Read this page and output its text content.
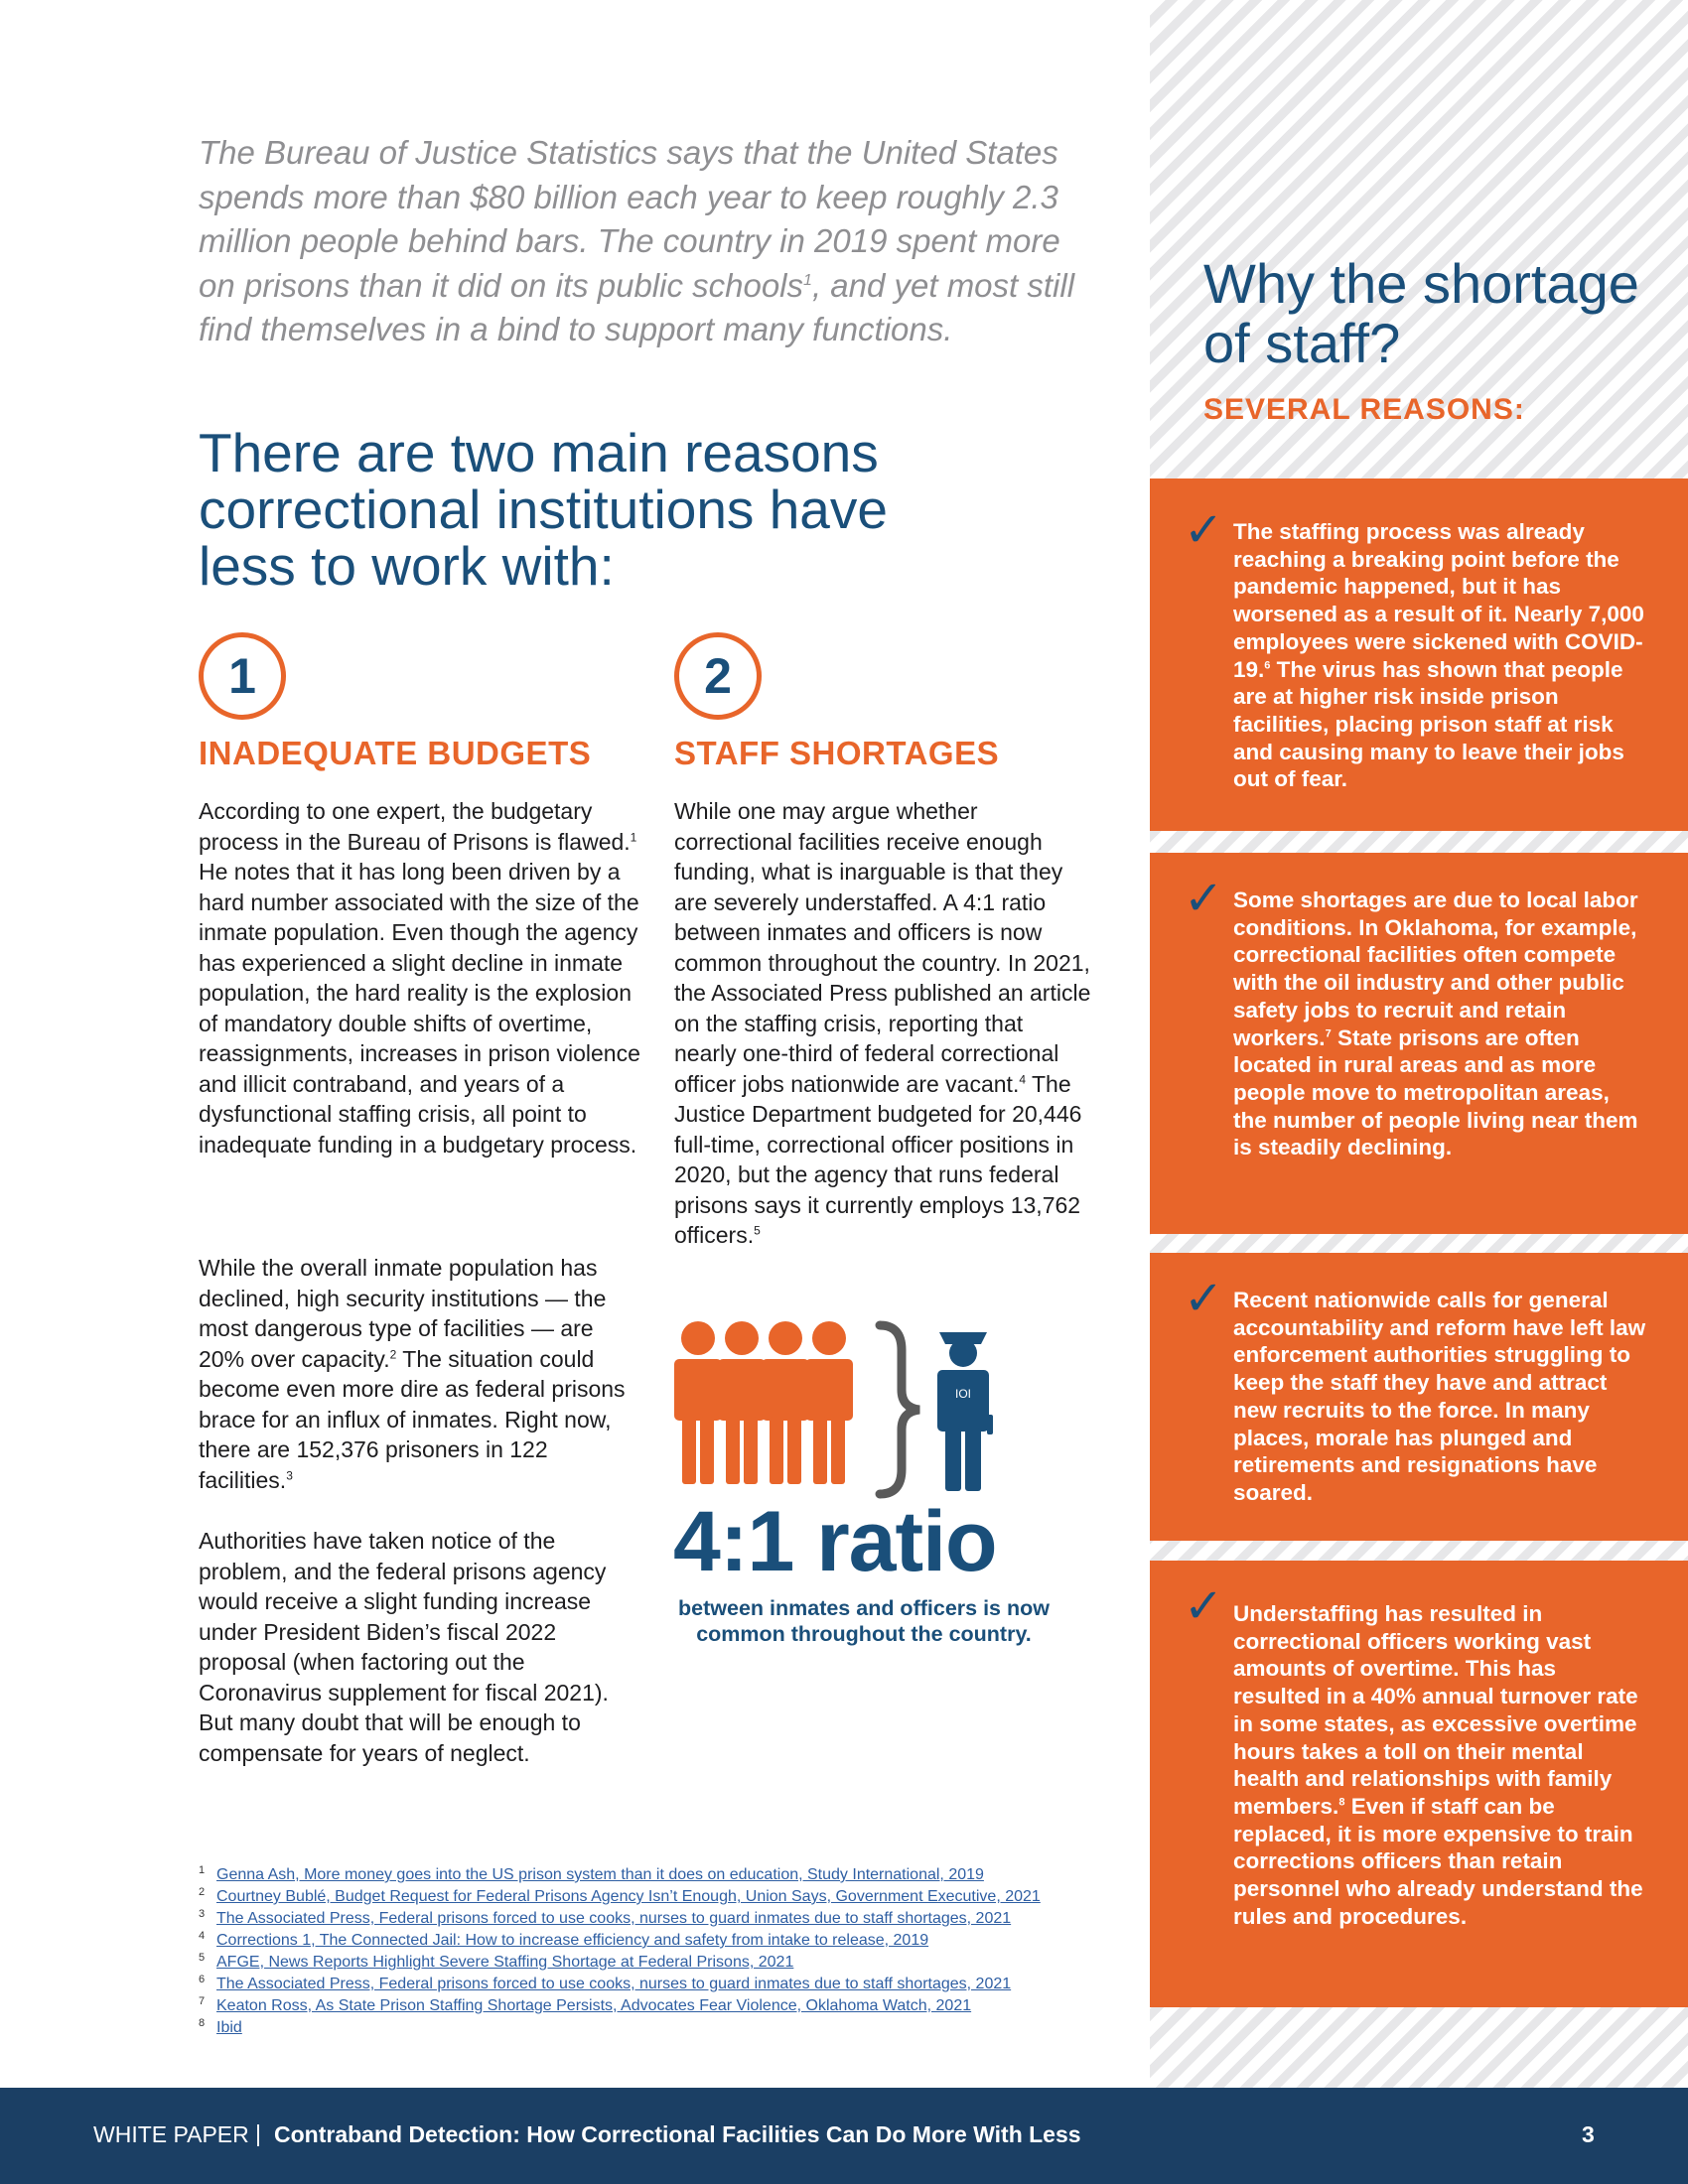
The Bureau of Justice Statistics says that the United States spends more than $80 billion each year to keep roughly 2.3 million people behind bars. The country in 2019 spent more on prisons than it did on its public schools$^1$, and yet most still find themselves in a bind to support many functions.

There are two main reasons correctional institutions have less to work with:
1
INADEQUATE BUDGETS

According to one expert, the budgetary process in the Bureau of Prisons is flawed.$^1$ He notes that it has long been driven by a hard number associated with the size of the inmate population. Even though the agency has experienced a slight decline in inmate population, the hard reality is the explosion of mandatory double shifts of overtime, reassignments, increases in prison violence and illicit contraband, and years of a dysfunctional staffing crisis, all point to inadequate funding in a budgetary process.

While the overall inmate population has declined, high security institutions — the most dangerous type of facilities — are 20% over capacity.$^2$ The situation could become even more dire as federal prisons brace for an influx of inmates. Right now, there are 152,376 prisoners in 122 facilities.$^3$

Authorities have taken notice of the problem, and the federal prisons agency would receive a slight funding increase under President Biden’s fiscal 2022 proposal (when factoring out the Coronavirus supplement for fiscal 2021). But many doubt that will be enough to compensate for years of neglect.

2
STAFF SHORTAGES

While one may argue whether correctional facilities receive enough funding, what is inarguable is that they are severely understaffed. A 4:1 ratio between inmates and officers is now common throughout the country. In 2021, the Associated Press published an article on the staffing crisis, reporting that nearly one-third of federal correctional officer jobs nationwide are vacant.$^4$ The Justice Department budgeted for 20,446 full-time, correctional officer positions in 2020, but the agency that runs federal prisons says it currently employs 13,762 officers.$^5$

IOI

4:1 ratio

between inmates and officers is now common throughout the country.

Why the shortage of staff?
SEVERAL REASONS:
✓ The staffing process was already reaching a breaking point before the pandemic happened, but it has worsened as a result of it. Nearly 7,000 employees were sickened with COVID-19.$^6$ The virus has shown that people are at higher risk inside prison facilities, placing prison staff at risk and causing many to leave their jobs out of fear.

✓ Some shortages are due to local labor conditions. In Oklahoma, for example, correctional facilities often compete with the oil industry and other public safety jobs to recruit and retain workers.$^7$ State prisons are often located in rural areas and as more people move to metropolitan areas, the number of people living near them is steadily declining.

✓ Recent nationwide calls for general accountability and reform have left law enforcement authorities struggling to keep the staff they have and attract new recruits to the force. In many places, morale has plunged and retirements and resignations have soared.

✓ Understaffing has resulted in correctional officers working vast amounts of overtime. This has resulted in a 40% annual turnover rate in some states, as excessive overtime hours takes a toll on their mental health and relationships with family members.$^8$ Even if staff can be replaced, it is more expensive to train corrections officers than retain personnel who already understand the rules and procedures.

1 Genna Ash, More money goes into the US prison system than it does on education, Study International, 2019
2 Courtney Bublé, Budget Request for Federal Prisons Agency Isn’t Enough, Union Says, Government Executive, 2021
3 The Associated Press, Federal prisons forced to use cooks, nurses to guard inmates due to staff shortages, 2021
4 Corrections 1, The Connected Jail: How to increase efficiency and safety from intake to release, 2019
5 AFGE, News Reports Highlight Severe Staffing Shortage at Federal Prisons, 2021
6 The Associated Press, Federal prisons forced to use cooks, nurses to guard inmates due to staff shortages, 2021
7 Keaton Ross, As State Prison Staffing Shortage Persists, Advocates Fear Violence, Oklahoma Watch, 2021
8 Ibid
WHITE PAPER | Contraband Detection: How Correctional Facilities Can Do More With Less	3
